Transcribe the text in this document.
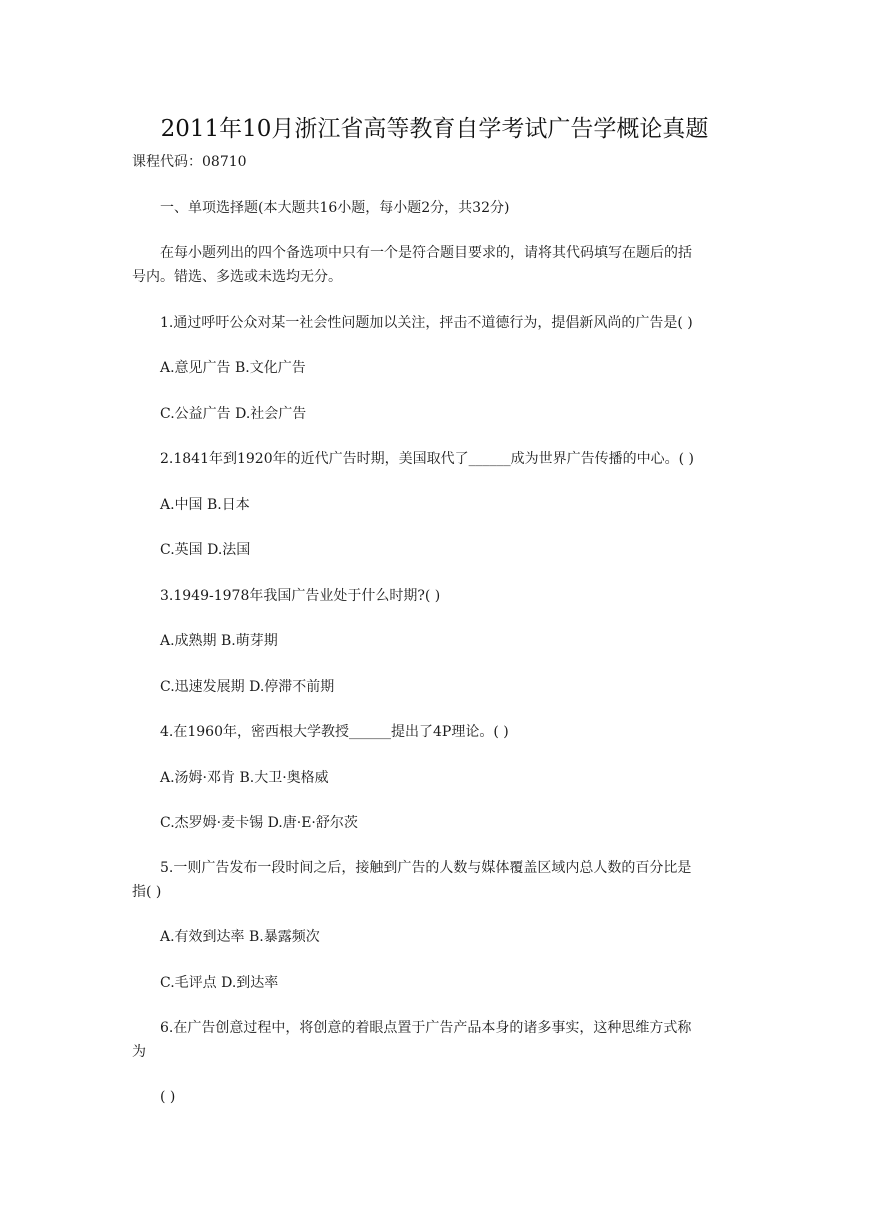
2011年10月浙江省高等教育自学考试广告学概论真题
课程代码：08710
一、单项选择题(本大题共16小题，每小题2分，共32分)
在每小题列出的四个备选项中只有一个是符合题目要求的，请将其代码填写在题后的括
号内。错选、多选或未选均无分。
1.通过呼吁公众对某一社会性问题加以关注，抨击不道德行为，提倡新风尚的广告是( )
A.意见广告 B.文化广告
C.公益广告 D.社会广告
2.1841年到1920年的近代广告时期，美国取代了______成为世界广告传播的中心。( )
A.中国 B.日本
C.英国 D.法国
3.1949-1978年我国广告业处于什么时期?( )
A.成熟期 B.萌芽期
C.迅速发展期 D.停滞不前期
4.在1960年，密西根大学教授______提出了4P理论。( )
A.汤姆·邓肯 B.大卫·奥格威
C.杰罗姆·麦卡锡 D.唐·E·舒尔茨
5.一则广告发布一段时间之后，接触到广告的人数与媒体覆盖区域内总人数的百分比是
指( )
A.有效到达率 B.暴露频次
C.毛评点 D.到达率
6.在广告创意过程中，将创意的着眼点置于广告产品本身的诸多事实，这种思维方式称
为
( )
